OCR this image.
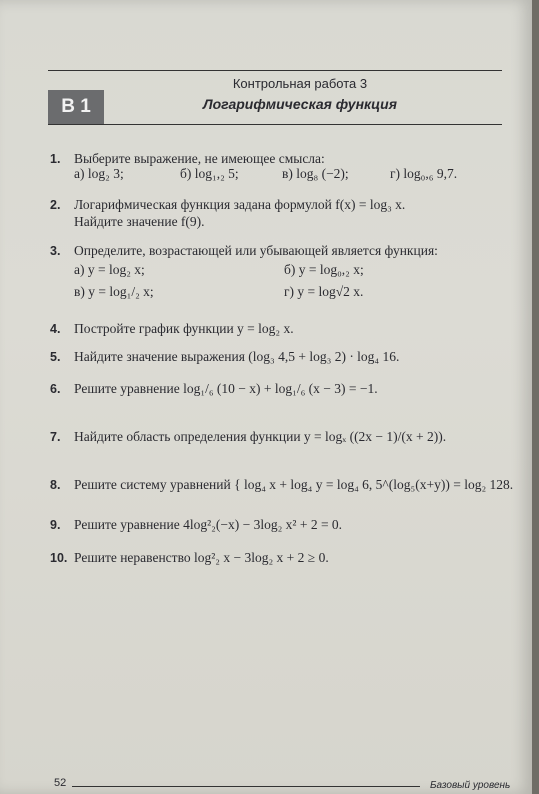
В 1
Контрольная работа 3
Логарифмическая функция
1. Выберите выражение, не имеющее смысла:
а) log₂ 3;	б) log₁,₂ 5;	в) log₈ (−2);	г) log₀,₆ 9,7.
2. Логарифмическая функция задана формулой f(x) = log₃ x.
Найдите значение f(9).
3. Определите, возрастающей или убывающей является функция:
а) y = log₂ x;	б) y = log₀,₂ x;
в) y = log₁/₂ x;	г) y = log√2 x.
4. Постройте график функции y = log₂ x.
5. Найдите значение выражения (log₃ 4,5 + log₃ 2) · log₄ 16.
6. Решите уравнение log₁/₆ (10 − x) + log₁/₆ (x − 3) = −1.
7. Найдите область определения функции y = logₓ ((2x − 1)/(x + 2)).
8. Решите систему уравнений { log₄ x + log₄ y = log₄ 6, 5^(log₅(x+y)) = log₂ 128.
9. Решите уравнение 4log²₂(−x) − 3log₂ x² + 2 = 0.
10. Решите неравенство log²₂ x − 3log₂ x + 2 ≥ 0.
52	Базовый уровень
